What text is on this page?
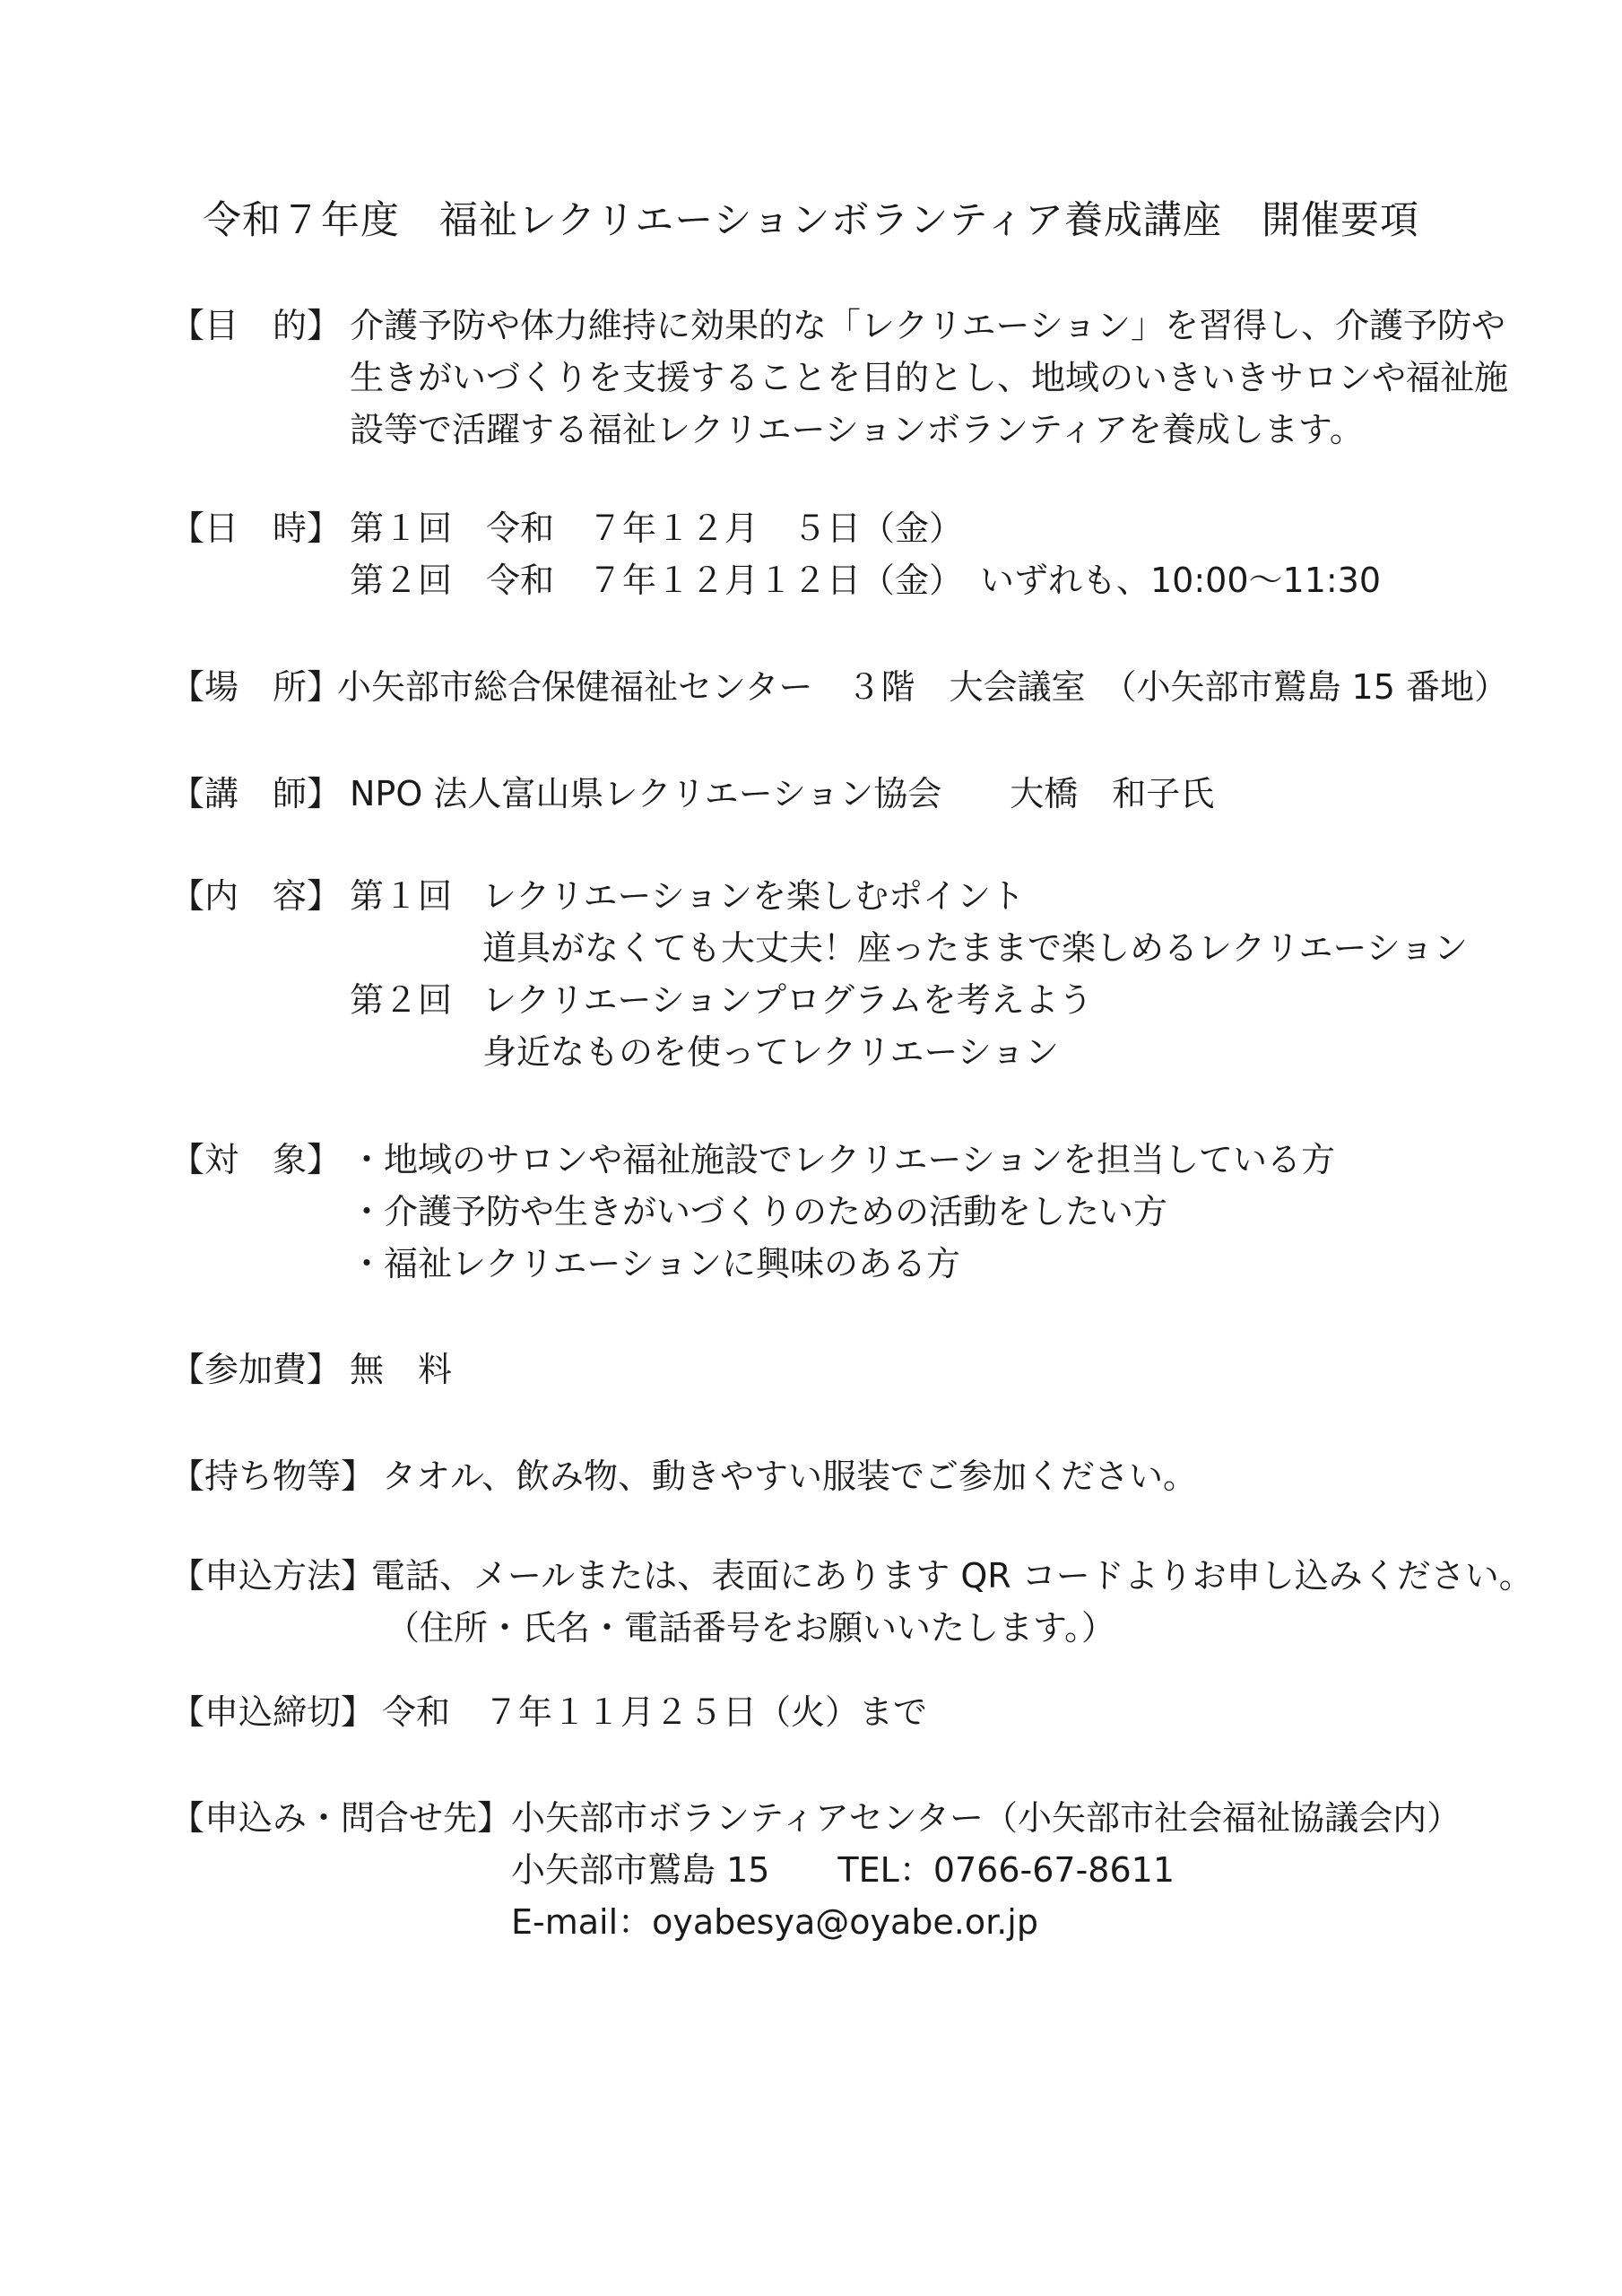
令和７年度　福祉レクリエーションボランティア養成講座　開催要項
【目　的】 介護予防や体力維持に効果的な「レクリエーション」を習得し、介護予防や
生きがいづくりを支援することを目的とし、地域のいきいきサロンや福祉施
設等で活躍する福祉レクリエーションボランティアを養成します。
【日　時】 第１回　令和　７年１２月　５日（金）
第２回　令和　７年１２月１２日（金）　いずれも、10:00～11:30
【場　所】
小矢部市総合保健福祉センター　３階　大会議室　（小矢部市鷲島 15 番地）
【講　師】 NPO 法人富山県レクリエーション協会　　大橋　和子氏
【内　容】 第１回 レクリエーションを楽しむポイント
道具がなくても大丈夫！座ったままで楽しめるレクリエーション
第２回 レクリエーションプログラムを考えよう
身近なものを使ってレクリエーション
【対　象】 ・地域のサロンや福祉施設でレクリエーションを担当している方
・介護予防や生きがいづくりのための活動をしたい方
・福祉レクリエーションに興味のある方
【参加費】 無　料
【持ち物等】 タオル、飲み物、動きやすい服装でご参加ください。
【申込方法】
電話、メールまたは、表面にあります QR コードよりお申し込みください。
（住所・氏名・電話番号をお願いいたします。）
【申込締切】 令和　７年１１月２５日（火）まで
【申込み・問合せ先】 小矢部市ボランティアセンター（小矢部市社会福祉協議会内）
小矢部市鷲島 15　　TEL：0766-67-8611
E-mail：oyabesya@oyabe.or.jp
